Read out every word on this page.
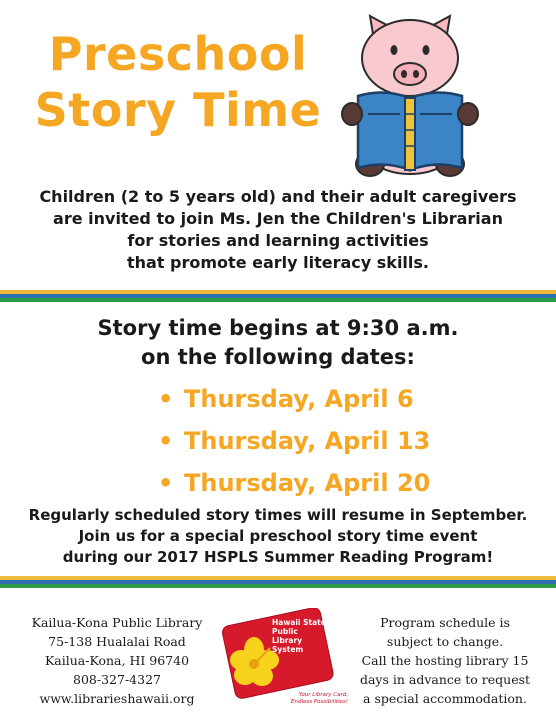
Preschool
Story Time
Children (2 to 5 years old) and their adult caregivers
are invited to join Ms. Jen the Children's Librarian
for stories and learning activities
that promote early literacy skills.
Story time begins at 9:30 a.m.
on the following dates:
• Thursday, April 6
• Thursday, April 13
• Thursday, April 20
Regularly scheduled story times will resume in September.
Join us for a special preschool story time event
during our 2017 HSPLS Summer Reading Program!
Kailua-Kona Public Library
75-138 Hualalai Road
Kailua-Kona, HI 96740
808-327-4327
www.librarieshawaii.org
Hawaii State Public Library System
Your Library Card,
Endless Possibilities!
Program schedule is
subject to change.
Call the hosting library 15
days in advance to request
a special accommodation.
